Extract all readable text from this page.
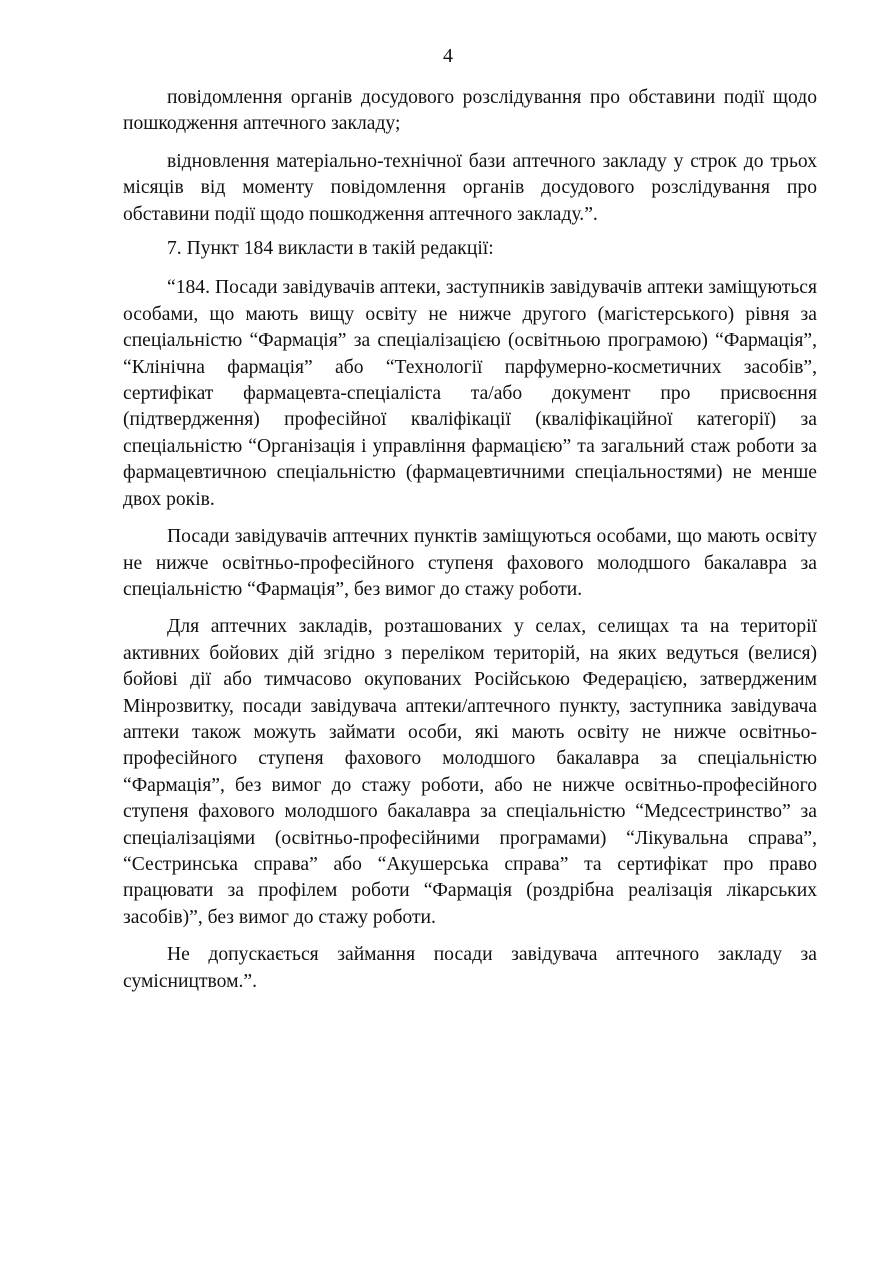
4

повідомлення органів досудового розслідування про обставини події щодо пошкодження аптечного закладу;

відновлення матеріально-технічної бази аптечного закладу у строк до трьох місяців від моменту повідомлення органів досудового розслідування про обставини події щодо пошкодження аптечного закладу.”.

7. Пункт 184 викласти в такій редакції:

“184. Посади завідувачів аптеки, заступників завідувачів аптеки заміщуються особами, що мають вищу освіту не нижче другого (магістерського) рівня за спеціальністю “Фармація” за спеціалізацією (освітньою програмою) “Фармація”, “Клінічна фармація” або “Технології парфумерно-косметичних засобів”, сертифікат фармацевта-спеціаліста та/або документ про присвоєння (підтвердження) професійної кваліфікації (кваліфікаційної категорії) за спеціальністю “Організація і управління фармацією” та загальний стаж роботи за фармацевтичною спеціальністю (фармацевтичними спеціальностями) не менше двох років.

Посади завідувачів аптечних пунктів заміщуються особами, що мають освіту не нижче освітньо-професійного ступеня фахового молодшого бакалавра за спеціальністю “Фармація”, без вимог до стажу роботи.

Для аптечних закладів, розташованих у селах, селищах та на території активних бойових дій згідно з переліком територій, на яких ведуться (велися) бойові дії або тимчасово окупованих Російською Федерацією, затвердженим Мінрозвитку, посади завідувача аптеки/аптечного пункту, заступника завідувача аптеки також можуть займати особи, які мають освіту не нижче освітньо-професійного ступеня фахового молодшого бакалавра за спеціальністю “Фармація”, без вимог до стажу роботи, або не нижче освітньо-професійного ступеня фахового молодшого бакалавра за спеціальністю “Медсестринство” за спеціалізаціями (освітньо-професійними програмами) “Лікувальна справа”, “Сестринська справа” або “Акушерська справа” та сертифікат про право працювати за профілем роботи “Фармація (роздрібна реалізація лікарських засобів)”, без вимог до стажу роботи.

Не допускається займання посади завідувача аптечного закладу за сумісництвом.”.
